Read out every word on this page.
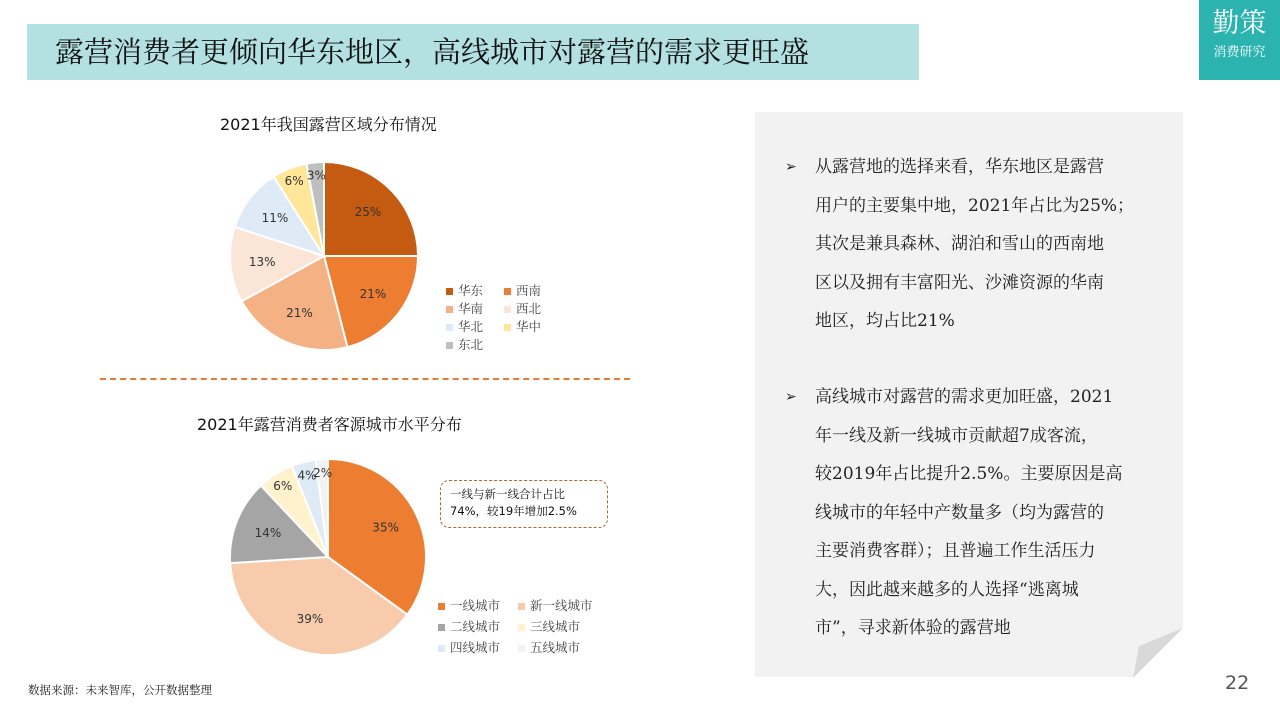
露营消费者更倾向华东地区，高线城市对露营的需求更旺盛
勤策
消费研究
2021年我国露营区域分布情况
25%
21%
21%
13%
11%
6% 3%
华东	西南
华南	西北
华北	华中
东北
2021年露营消费者客源城市水平分布
35%
39%
14%
6%
4%
2%
一线城市 新一线城市
二线城市 三线城市
四线城市 五线城市
一线与新一线合计占比
74%，较19年增加2.5%
➢	从露营地的选择来看，华东地区是露营
用户的主要集中地，2021年占比为25%；
其次是兼具森林、湖泊和雪山的西南地
区以及拥有丰富阳光、沙滩资源的华南
地区，均占比21%
➢	高线城市对露营的需求更加旺盛，2021
年一线及新一线城市贡献超7成客流，
较2019年占比提升2.5%。主要原因是高
线城市的年轻中产数量多（均为露营的
主要消费客群）；且普遍工作生活压力
大，因此越来越多的人选择“逃离城
市”，寻求新体验的露营地
数据来源：未来智库，公开数据整理	22
